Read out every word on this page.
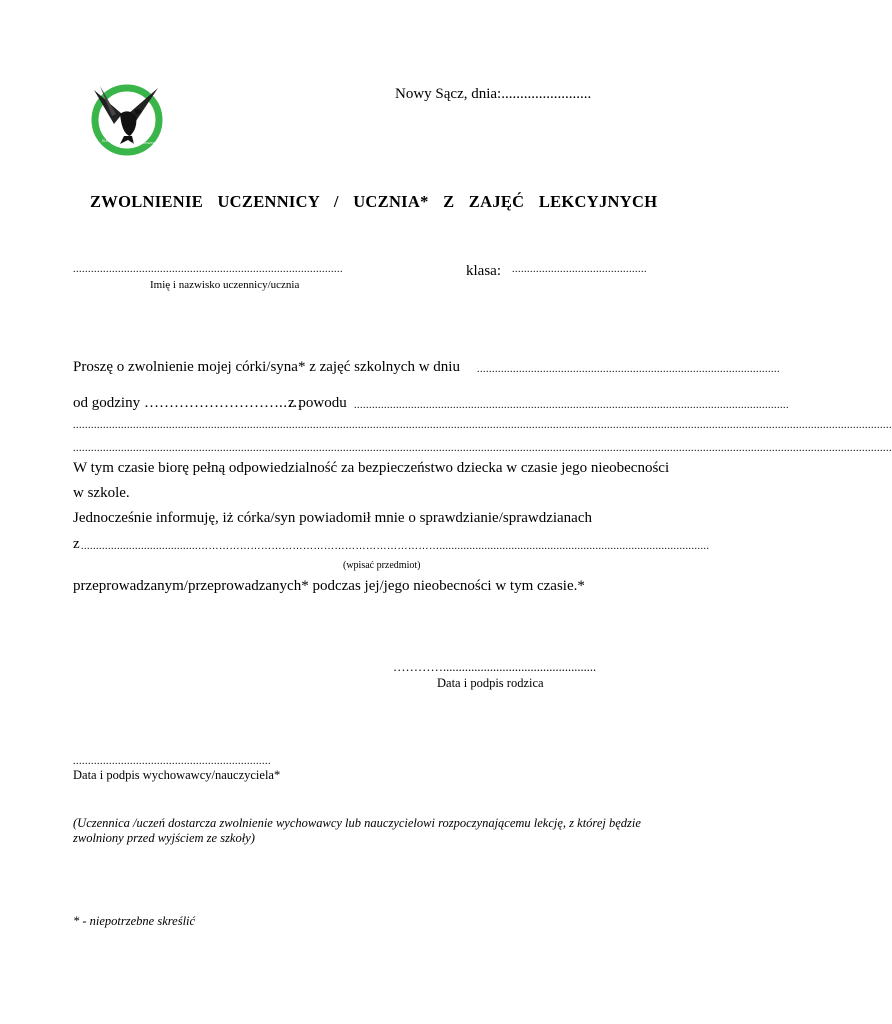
Gimnazjum
ELEKTRA
LICEUM
OGÓLNOKSZTAŁCĄCE
Nowy Sącz, dnia:........................
ZWOLNIENIE UCZENNICY / UCZNIA* Z ZAJĘĆ LEKCYJNYCH
..........................................................................................
Imię i nazwisko uczennicy/ucznia
klasa: .............................................
Proszę o zwolnienie mojej córki/syna* z zajęć szkolnych w dniu .....................................................................................................
od godziny ……………………….….
z powodu .................................................................................................................................................
.................................................................................................................................................................................................................................................................................
.................................................................................................................................................................................................................................................................................
W tym czasie biorę pełną odpowiedzialność za bezpieczeństwo dziecka w czasie jego nieobecności
w szkole.
Jednocześnie informuję, iż córka/syn powiadomił mnie o sprawdzianie/sprawdzianach
z .......................................……………………………………………………………..........................................................................................
(wpisać przedmiot)
przeprowadzanym/przeprowadzanych* podczas jej/jego nieobecności w tym czasie.*
………….................................................
Data i podpis rodzica
..................................................................
Data i podpis wychowawcy/nauczyciela*
(Uczennica /uczeń dostarcza zwolnienie wychowawcy lub nauczycielowi rozpoczynającemu lekcję, z której będzie
zwolniony przed wyjściem ze szkoły)
* - niepotrzebne skreślić
